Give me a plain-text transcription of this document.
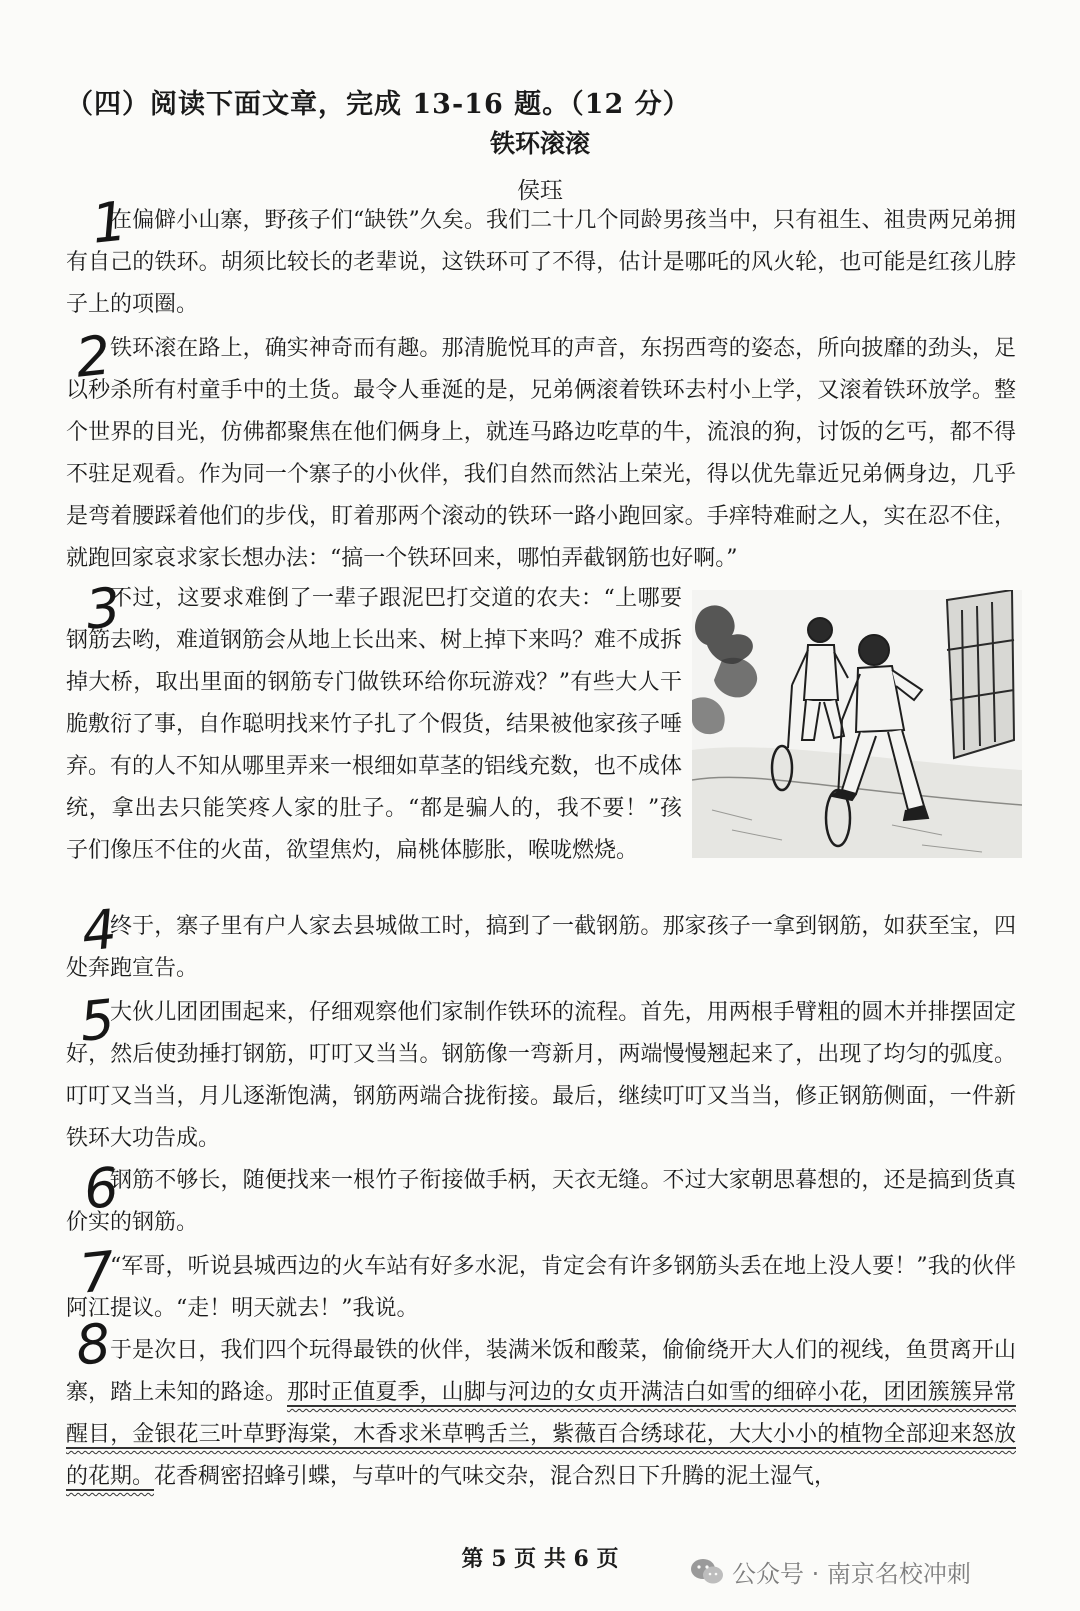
（四）阅读下面文章，完成 13-16 题。（12 分）
铁环滚滚

侯珏

1
2
3
4
5
6
7
8

在偏僻小山寨，野孩子们“缺铁”久矣。我们二十几个同龄男孩当中，只有祖生、祖贵两兄弟拥有自己的铁环。胡须比较长的老辈说，这铁环可了不得，估计是哪吒的风火轮，也可能是红孩儿脖子上的项圈。

铁环滚在路上，确实神奇而有趣。那清脆悦耳的声音，东拐西弯的姿态，所向披靡的劲头，足以秒杀所有村童手中的土货。最令人垂涎的是，兄弟俩滚着铁环去村小上学，又滚着铁环放学。整个世界的目光，仿佛都聚焦在他们俩身上，就连马路边吃草的牛，流浪的狗，讨饭的乞丐，都不得不驻足观看。作为同一个寨子的小伙伴，我们自然而然沾上荣光，得以优先靠近兄弟俩身边，几乎是弯着腰踩着他们的步伐，盯着那两个滚动的铁环一路小跑回家。手痒特难耐之人，实在忍不住，就跑回家哀求家长想办法：“搞一个铁环回来，哪怕弄截钢筋也好啊。”

不过，这要求难倒了一辈子跟泥巴打交道的农夫：“上哪要钢筋去哟，难道钢筋会从地上长出来、树上掉下来吗？难不成拆掉大桥，取出里面的钢筋专门做铁环给你玩游戏？”有些大人干脆敷衍了事，自作聪明找来竹子扎了个假货，结果被他家孩子唾弃。有的人不知从哪里弄来一根细如草茎的铝线充数，也不成体统，拿出去只能笑疼人家的肚子。“都是骗人的，我不要！”孩子们像压不住的火苗，欲望焦灼，扁桃体膨胀，喉咙燃烧。

终于，寨子里有户人家去县城做工时，搞到了一截钢筋。那家孩子一拿到钢筋，如获至宝，四处奔跑宣告。

大伙儿团团围起来，仔细观察他们家制作铁环的流程。首先，用两根手臂粗的圆木并排摆固定好，然后使劲捶打钢筋，叮叮又当当。钢筋像一弯新月，两端慢慢翘起来了，出现了均匀的弧度。叮叮又当当，月儿逐渐饱满，钢筋两端合拢衔接。最后，继续叮叮又当当，修正钢筋侧面，一件新铁环大功告成。

钢筋不够长，随便找来一根竹子衔接做手柄，天衣无缝。不过大家朝思暮想的，还是搞到货真价实的钢筋。

“军哥，听说县城西边的火车站有好多水泥，肯定会有许多钢筋头丢在地上没人要！”我的伙伴阿江提议。“走！明天就去！”我说。

于是次日，我们四个玩得最铁的伙伴，装满米饭和酸菜，偷偷绕开大人们的视线，鱼贯离开山寨，踏上未知的路途。那时正值夏季，山脚与河边的女贞开满洁白如雪的细碎小花，团团簇簇异常醒目，金银花三叶草野海棠，木香求米草鸭舌兰，紫薇百合绣球花，大大小小的植物全部迎来怒放的花期。花香稠密招蜂引蝶，与草叶的气味交杂，混合烈日下升腾的泥土湿气，

第 5 页 共 6 页

公众号 · 南京名校冲刺
